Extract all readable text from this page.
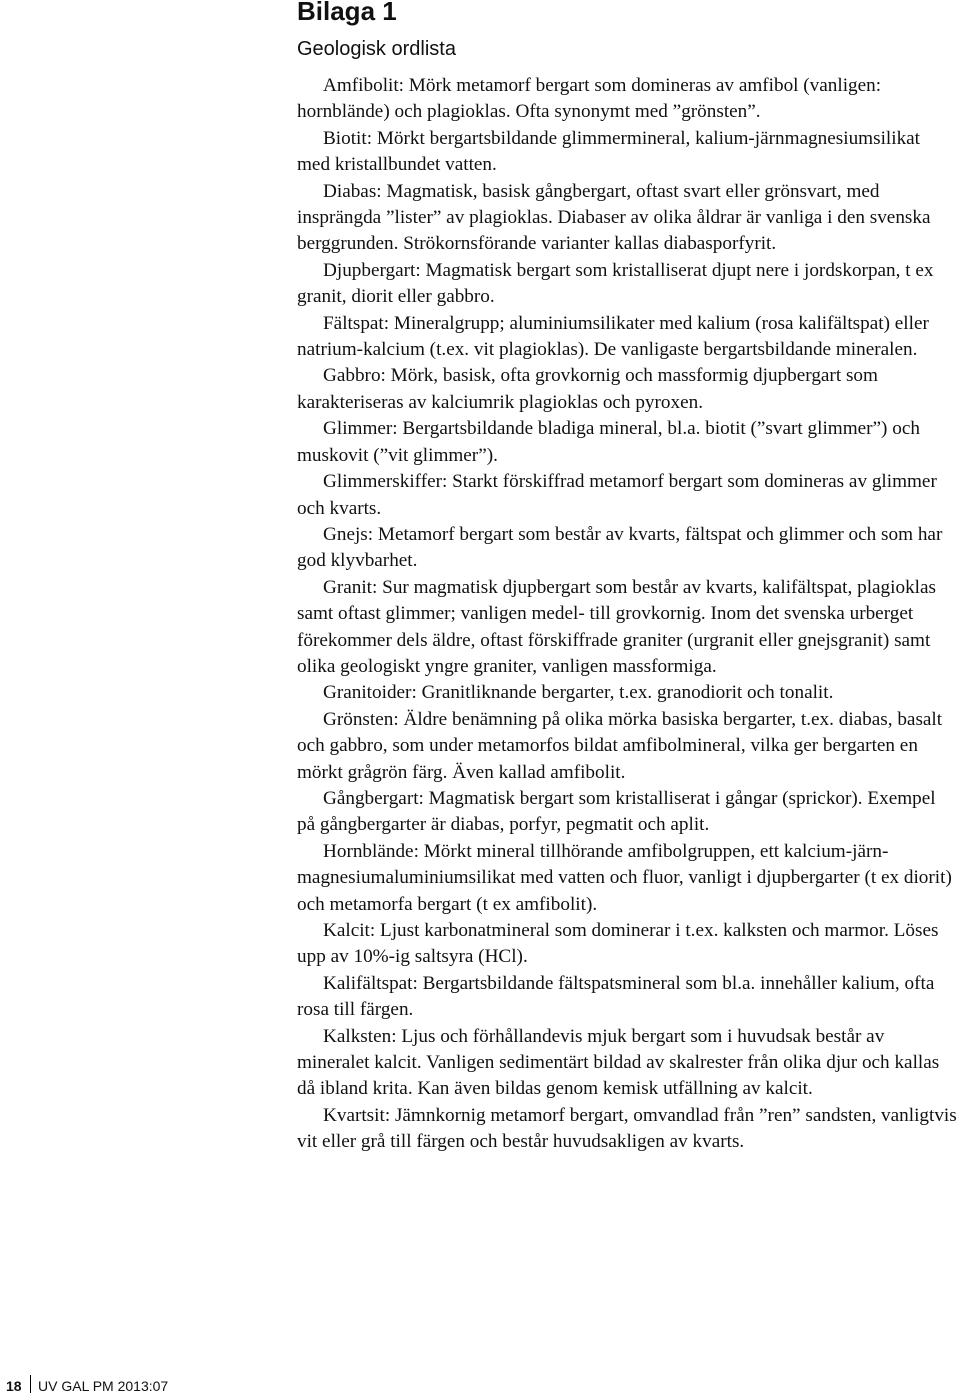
Bilaga 1
Geologisk ordlista

Amfibolit: Mörk metamorf bergart som domineras av amfibol (vanligen: hornblände) och plagioklas. Ofta synonymt med ”grönsten”.

Biotit: Mörkt bergartsbildande glimmermineral, kalium-järnmagnesiumsilikat med kristallbundet vatten.

Diabas: Magmatisk, basisk gångbergart, oftast svart eller grönsvart, med insprängda ”lister” av plagioklas. Diabaser av olika åldrar är vanliga i den svenska berggrunden. Strökornsförande varianter kallas diabasporfyrit.

Djupbergart: Magmatisk bergart som kristalliserat djupt nere i jordskorpan, t ex granit, diorit eller gabbro.

Fältspat: Mineralgrupp; aluminiumsilikater med kalium (rosa kalifältspat) eller natrium-kalcium (t.ex. vit plagioklas). De vanligaste bergartsbildande mineralen.

Gabbro: Mörk, basisk, ofta grovkornig och massformig djupbergart som karakteriseras av kalciumrik plagioklas och pyroxen.

Glimmer: Bergartsbildande bladiga mineral, bl.a. biotit (”svart glimmer”) och muskovit (”vit glimmer”).

Glimmerskiffer: Starkt förskiffrad metamorf bergart som domineras av glimmer och kvarts.

Gnejs: Metamorf bergart som består av kvarts, fältspat och glimmer och som har god klyvbarhet.

Granit: Sur magmatisk djupbergart som består av kvarts, kalifältspat, plagioklas samt oftast glimmer; vanligen medel- till grovkornig. Inom det svenska urberget förekommer dels äldre, oftast förskiffrade graniter (urgranit eller gnejsgranit) samt olika geologiskt yngre graniter, vanligen massformiga.

Granitoider: Granitliknande bergarter, t.ex. granodiorit och tonalit.

Grönsten: Äldre benämning på olika mörka basiska bergarter, t.ex. diabas, basalt och gabbro, som under metamorfos bildat amfibolmineral, vilka ger bergarten en mörkt grågrön färg. Även kallad amfibolit.

Gångbergart: Magmatisk bergart som kristalliserat i gångar (sprickor). Exempel på gångbergarter är diabas, porfyr, pegmatit och aplit.

Hornblände: Mörkt mineral tillhörande amfibolgruppen, ett kalcium-järn-magnesiumaluminiumsilikat med vatten och fluor, vanligt i djupbergarter (t ex diorit) och metamorfa bergart (t ex amfibolit).

Kalcit: Ljust karbonatmineral som dominerar i t.ex. kalksten och marmor. Löses upp av 10%-ig saltsyra (HCl).

Kalifältspat: Bergartsbildande fältspatsmineral som bl.a. innehåller kalium, ofta rosa till färgen.

Kalksten: Ljus och förhållandevis mjuk bergart som i huvudsak består av mineralet kalcit. Vanligen sedimentärt bildad av skalrester från olika djur och kallas då ibland krita. Kan även bildas genom kemisk utfällning av kalcit.

Kvartsit: Jämnkornig metamorf bergart, omvandlad från ”ren” sandsten, vanligtvis vit eller grå till färgen och består huvudsakligen av kvarts.

18 UV GAL PM 2013:07
